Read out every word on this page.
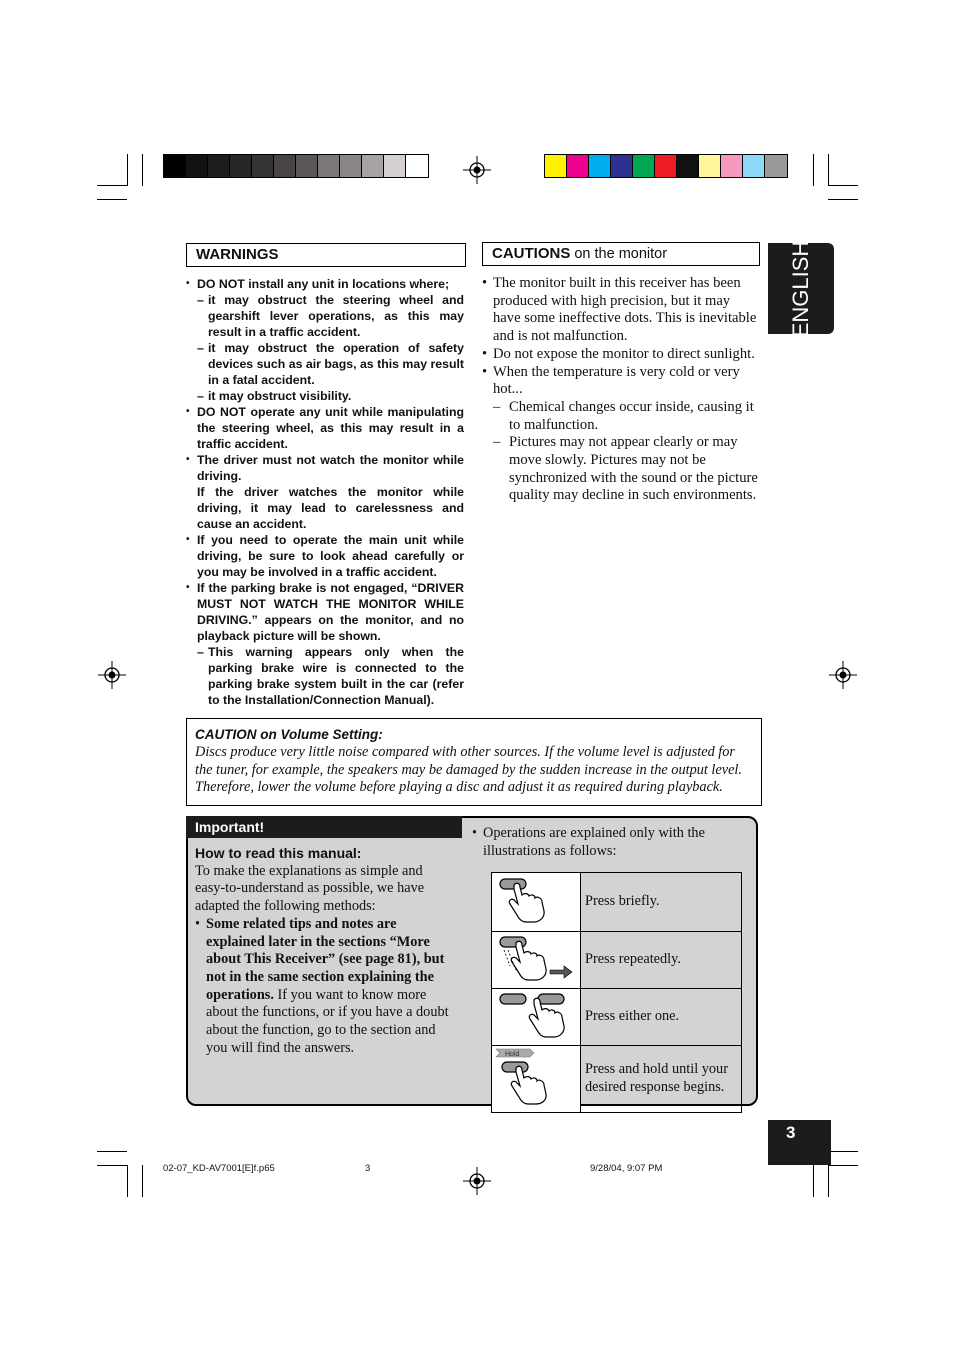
WARNINGS
• DO NOT install any unit in locations where;
– it may obstruct the steering wheel and gearshift lever operations, as this may result in a traffic accident.
– it may obstruct the operation of safety devices such as air bags, as this may result in a fatal accident.
– it may obstruct visibility.
• DO NOT operate any unit while manipulating the steering wheel, as this may result in a traffic accident.
• The driver must not watch the monitor while driving.
If the driver watches the monitor while driving, it may lead to carelessness and cause an accident.
• If you need to operate the main unit while driving, be sure to look ahead carefully or you may be involved in a traffic accident.
• If the parking brake is not engaged, “DRIVER MUST NOT WATCH THE MONITOR WHILE DRIVING.” appears on the monitor, and no playback picture will be shown.
– This warning appears only when the parking brake wire is connected to the parking brake system built in the car (refer to the Installation/Connection Manual).
CAUTIONS on the monitor
• The monitor built in this receiver has been produced with high precision, but it may have some ineffective dots. This is inevitable and is not malfunction.
• Do not expose the monitor to direct sunlight.
• When the temperature is very cold or very hot...
– Chemical changes occur inside, causing it to malfunction.
– Pictures may not appear clearly or may move slowly. Pictures may not be synchronized with the sound or the picture quality may decline in such environments.
ENGLISH
CAUTION on Volume Setting:
Discs produce very little noise compared with other sources. If the volume level is adjusted for the tuner, for example, the speakers may be damaged by the sudden increase in the output level. Therefore, lower the volume before playing a disc and adjust it as required during playback.
Important!
How to read this manual:
To make the explanations as simple and easy-to-understand as possible, we have adapted the following methods:
• Some related tips and notes are explained later in the sections “More about This Receiver” (see page 81), but not in the same section explaining the operations. If you want to know more about the functions, or if you have a doubt about the function, go to the section and you will find the answers.
• Operations are explained only with the illustrations as follows:
	Press briefly.
	Press repeatedly.
	Press either one.

Hold	Press and hold until your desired response begins.
3
02-07_KD-AV7001[E]f.p65	3	9/28/04, 9:07 PM
